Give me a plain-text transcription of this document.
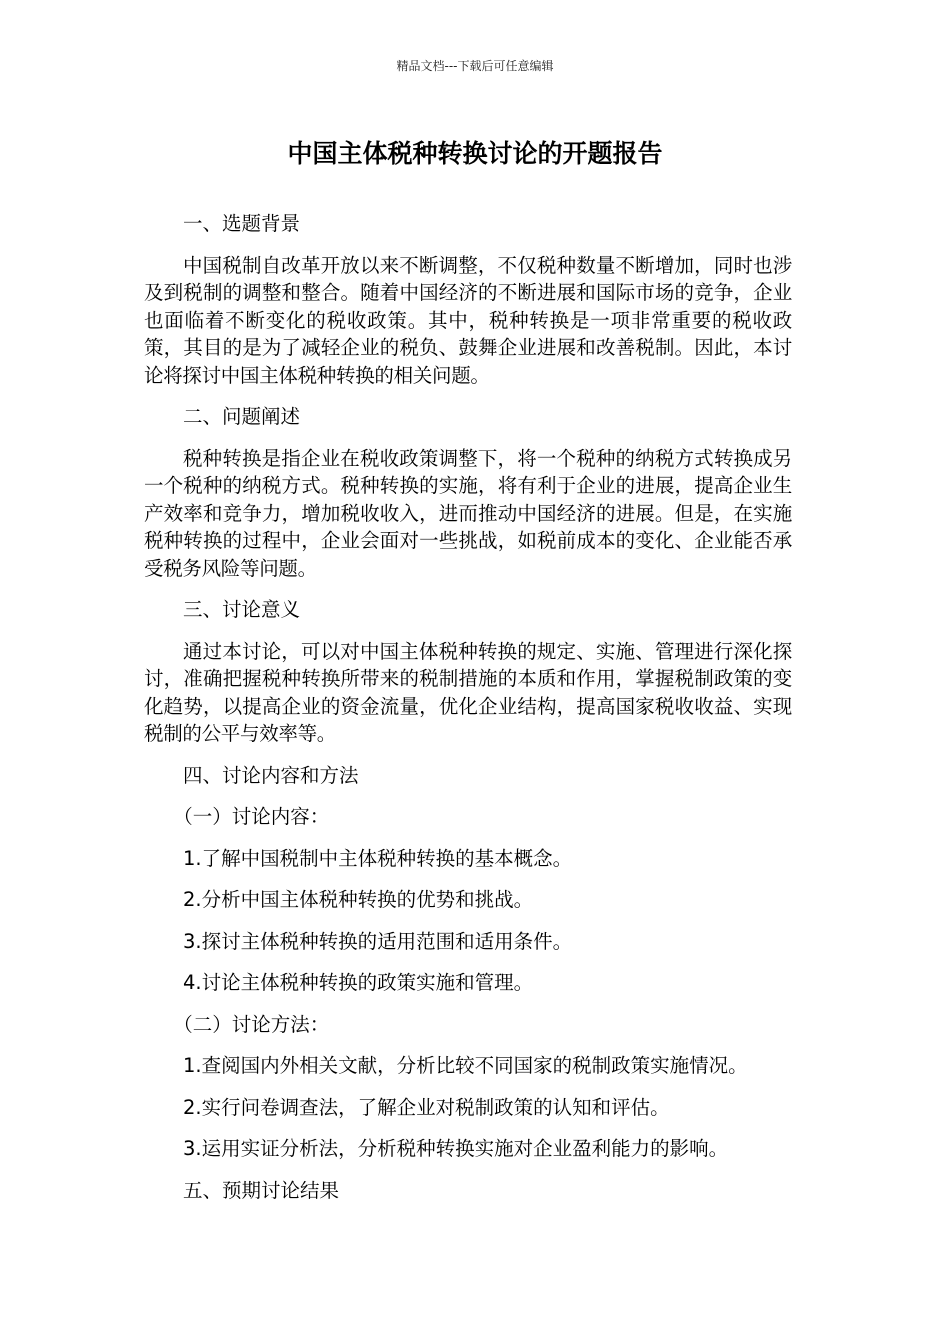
精品文档---下载后可任意编辑
中国主体税种转换讨论的开题报告

一、选题背景

中国税制自改革开放以来不断调整，不仅税种数量不断增加，同时也涉及到税制的调整和整合。随着中国经济的不断进展和国际市场的竞争，企业也面临着不断变化的税收政策。其中，税种转换是一项非常重要的税收政策，其目的是为了减轻企业的税负、鼓舞企业进展和改善税制。因此，本讨论将探讨中国主体税种转换的相关问题。

二、问题阐述

税种转换是指企业在税收政策调整下，将一个税种的纳税方式转换成另一个税种的纳税方式。税种转换的实施，将有利于企业的进展，提高企业生产效率和竞争力，增加税收收入，进而推动中国经济的进展。但是，在实施税种转换的过程中，企业会面对一些挑战，如税前成本的变化、企业能否承受税务风险等问题。

三、讨论意义

通过本讨论，可以对中国主体税种转换的规定、实施、管理进行深化探讨，准确把握税种转换所带来的税制措施的本质和作用，掌握税制政策的变化趋势，以提高企业的资金流量，优化企业结构，提高国家税收收益、实现税制的公平与效率等。

四、讨论内容和方法

（一）讨论内容：

1.了解中国税制中主体税种转换的基本概念。

2.分析中国主体税种转换的优势和挑战。

3.探讨主体税种转换的适用范围和适用条件。

4.讨论主体税种转换的政策实施和管理。

（二）讨论方法：

1.查阅国内外相关文献，分析比较不同国家的税制政策实施情况。

2.实行问卷调查法，了解企业对税制政策的认知和评估。

3.运用实证分析法，分析税种转换实施对企业盈利能力的影响。

五、预期讨论结果
